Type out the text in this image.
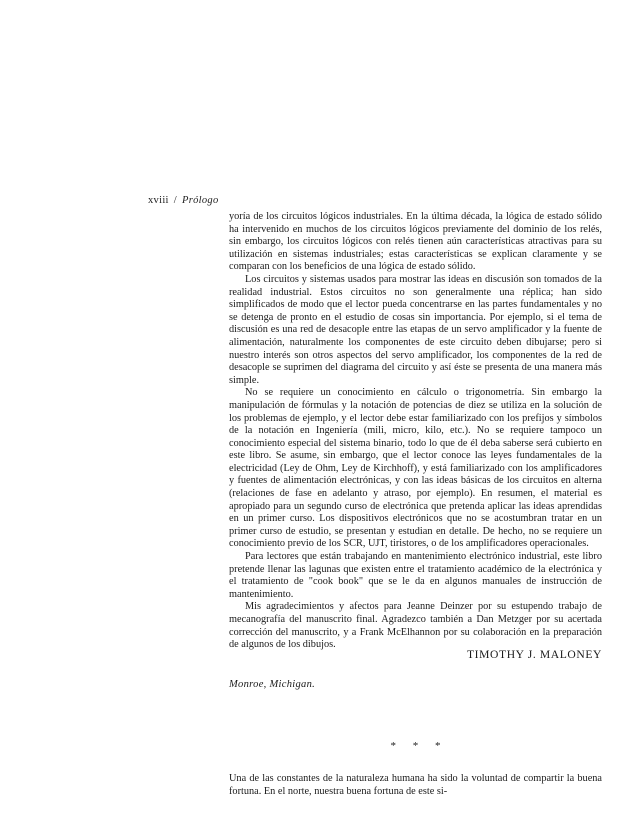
xviii / Prólogo

yoría de los circuitos lógicos industriales. En la última década, la lógica de estado sólido ha intervenido en muchos de los circuitos lógicos previamente del dominio de los relés, sin embargo, los circuitos lógicos con relés tienen aún características atractivas para su utilización en sistemas industriales; estas características se explican claramente y se comparan con los beneficios de una lógica de estado sólido.

Los circuitos y sistemas usados para mostrar las ideas en discusión son tomados de la realidad industrial. Estos circuitos no son generalmente una réplica; han sido simplificados de modo que el lector pueda concentrarse en las partes fundamentales y no se detenga de pronto en el estudio de cosas sin importancia. Por ejemplo, si el tema de discusión es una red de desacople entre las etapas de un servo amplificador y la fuente de alimentación, naturalmente los componentes de este circuito deben dibujarse; pero si nuestro interés son otros aspectos del servo amplificador, los componentes de la red de desacople se suprimen del diagrama del circuito y así éste se presenta de una manera más simple.

No se requiere un conocimiento en cálculo o trigonometría. Sin embargo la manipulación de fórmulas y la notación de potencias de diez se utiliza en la solución de los problemas de ejemplo, y el lector debe estar familiarizado con los prefijos y símbolos de la notación en Ingeniería (mili, micro, kilo, etc.). No se requiere tampoco un conocimiento especial del sistema binario, todo lo que de él deba saberse será cubierto en este libro. Se asume, sin embargo, que el lector conoce las leyes fundamentales de la electricidad (Ley de Ohm, Ley de Kirchhoff), y está familiarizado con los amplificadores y fuentes de alimentación electrónicas, y con las ideas básicas de los circuitos en alterna (relaciones de fase en adelanto y atraso, por ejemplo). En resumen, el material es apropiado para un segundo curso de electrónica que pretenda aplicar las ideas aprendidas en un primer curso. Los dispositivos electrónicos que no se acostumbran tratar en un primer curso de estudio, se presentan y estudian en detalle. De hecho, no se requiere un conocimiento previo de los SCR, UJT, tiristores, o de los amplificadores operacionales.

Para lectores que están trabajando en mantenimiento electrónico industrial, este libro pretende llenar las lagunas que existen entre el tratamiento académico de la electrónica y el tratamiento de "cook book" que se le da en algunos manuales de instrucción de mantenimiento.

Mis agradecimientos y afectos para Jeanne Deinzer por su estupendo trabajo de mecanografía del manuscrito final. Agradezco también a Dan Metzger por su acertada corrección del manuscrito, y a Frank McElhannon por su colaboración en la preparación de algunos de los dibujos.

TIMOTHY J. MALONEY
Monroe, Michigan.
* * *

Una de las constantes de la naturaleza humana ha sido la voluntad de compartir la buena fortuna. En el norte, nuestra buena fortuna de este si-
